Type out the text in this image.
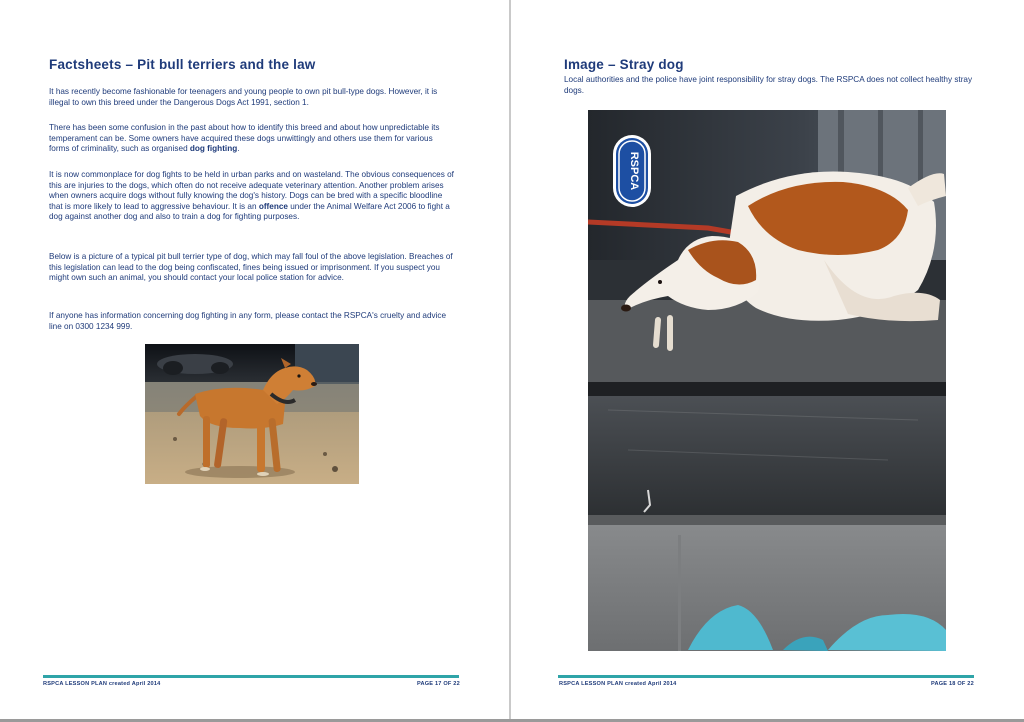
Factsheets – Pit bull terriers and the law

It has recently become fashionable for teenagers and young people to own pit bull-type dogs. However, it is illegal to own this breed under the Dangerous Dogs Act 1991, section 1.

There has been some confusion in the past about how to identify this breed and about how unpredictable its temperament can be. Some owners have acquired these dogs unwittingly and others use them for various forms of criminality, such as organised dog fighting.

It is now commonplace for dog fights to be held in urban parks and on wasteland. The obvious consequences of this are injuries to the dogs, which often do not receive adequate veterinary attention. Another problem arises when owners acquire dogs without fully knowing the dog's history. Dogs can be bred with a specific bloodline that is more likely to lead to aggressive behaviour. It is an offence under the Animal Welfare Act 2006 to fight a dog against another dog and also to train a dog for fighting purposes.

Below is a picture of a typical pit bull terrier type of dog, which may fall foul of the above legislation. Breaches of this legislation can lead to the dog being confiscated, fines being issued or imprisonment. If you suspect you might own such an animal, you should contact your local police station for advice.

If anyone has information concerning dog fighting in any form, please contact the RSPCA's cruelty and advice line on 0300 1234 999.

RSPCA LESSON PLAN created April 2014	PAGE 17 OF 22
Image – Stray dog

Local authorities and the police have joint responsibility for stray dogs. The RSPCA does not collect healthy stray dogs.

RSPCA
RSPCA LESSON PLAN created April 2014	PAGE 18 OF 22
